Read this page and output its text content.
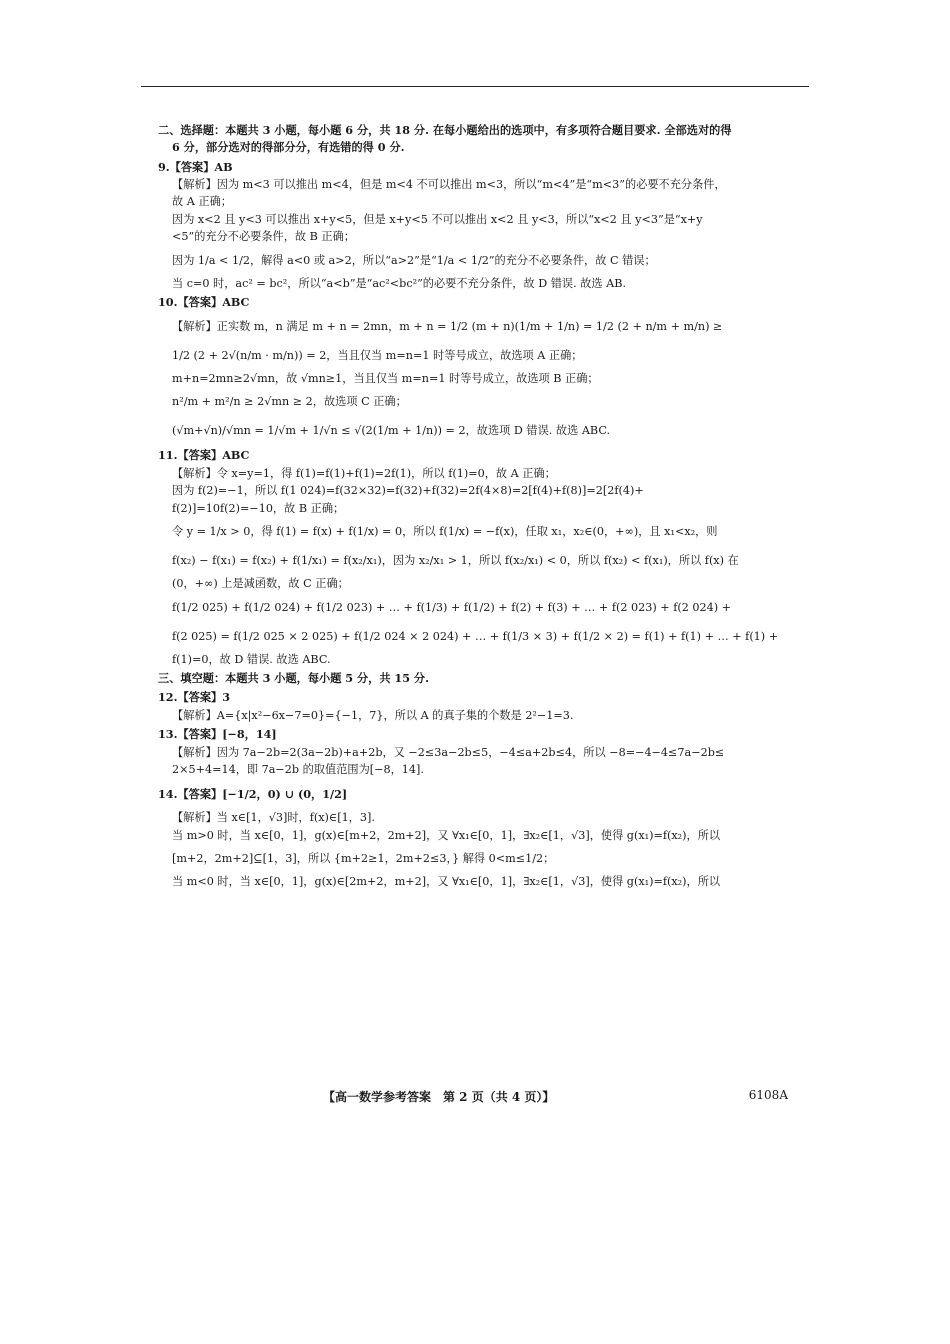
二、选择题：本题共 3 小题，每小题 6 分，共 18 分. 在每小题给出的选项中，有多项符合题目要求. 全部选对的得
6 分，部分选对的得部分分，有选错的得 0 分.
9.【答案】AB
【解析】因为 m<3 可以推出 m<4，但是 m<4 不可以推出 m<3，所以“m<4”是“m<3”的必要不充分条件，
故 A 正确；
因为 x<2 且 y<3 可以推出 x+y<5，但是 x+y<5 不可以推出 x<2 且 y<3，所以“x<2 且 y<3”是“x+y
<5”的充分不必要条件，故 B 正确；
因为 1/a < 1/2，解得 a<0 或 a>2，所以“a>2”是“1/a < 1/2”的充分不必要条件，故 C 错误；
当 c=0 时，ac² = bc²，所以“a<b”是“ac²<bc²”的必要不充分条件，故 D 错误. 故选 AB.
10.【答案】ABC
【解析】正实数 m，n 满足 m + n = 2mn，m + n = 1/2 (m + n)(1/m + 1/n) = 1/2 (2 + n/m + m/n) ≥
1/2 (2 + 2√(n/m · m/n)) = 2，当且仅当 m=n=1 时等号成立，故选项 A 正确；
m+n=2mn≥2√mn，故 √mn≥1，当且仅当 m=n=1 时等号成立，故选项 B 正确；
n²/m + m²/n ≥ 2√mn ≥ 2，故选项 C 正确；
(√m+√n)/√mn = 1/√m + 1/√n ≤ √(2(1/m + 1/n)) = 2，故选项 D 错误. 故选 ABC.
11.【答案】ABC
【解析】令 x=y=1，得 f(1)=f(1)+f(1)=2f(1)，所以 f(1)=0，故 A 正确；
因为 f(2)=−1，所以 f(1 024)=f(32×32)=f(32)+f(32)=2f(4×8)=2[f(4)+f(8)]=2[2f(4)+
f(2)]=10f(2)=−10，故 B 正确；
令 y = 1/x > 0，得 f(1) = f(x) + f(1/x) = 0，所以 f(1/x) = −f(x)，任取 x₁，x₂∈(0，+∞)，且 x₁<x₂，则
f(x₂) − f(x₁) = f(x₂) + f(1/x₁) = f(x₂/x₁)，因为 x₂/x₁ > 1，所以 f(x₂/x₁) < 0，所以 f(x₂) < f(x₁)，所以 f(x) 在
(0，+∞) 上是减函数，故 C 正确；
f(1/2 025) + f(1/2 024) + f(1/2 023) + … + f(1/3) + f(1/2) + f(2) + f(3) + … + f(2 023) + f(2 024) +
f(2 025) = f(1/2 025 × 2 025) + f(1/2 024 × 2 024) + … + f(1/3 × 3) + f(1/2 × 2) = f(1) + f(1) + … + f(1) +
f(1)=0，故 D 错误. 故选 ABC.
三、填空题：本题共 3 小题，每小题 5 分，共 15 分.
12.【答案】3
【解析】A={x|x²−6x−7=0}={−1，7}，所以 A 的真子集的个数是 2²−1=3.
13.【答案】[−8，14]
【解析】因为 7a−2b=2(3a−2b)+a+2b，又 −2≤3a−2b≤5，−4≤a+2b≤4，所以 −8=−4−4≤7a−2b≤
2×5+4=14，即 7a−2b 的取值范围为[−8，14].
14.【答案】[−1/2，0) ∪ (0，1/2]
【解析】当 x∈[1，√3]时，f(x)∈[1，3].
当 m>0 时，当 x∈[0，1]，g(x)∈[m+2，2m+2]，又 ∀x₁∈[0，1]，∃x₂∈[1，√3]，使得 g(x₁)=f(x₂)，所以
[m+2，2m+2]⊆[1，3]，所以 {m+2≥1，2m+2≤3，} 解得 0<m≤1/2；
当 m<0 时，当 x∈[0，1]，g(x)∈[2m+2，m+2]，又 ∀x₁∈[0，1]，∃x₂∈[1，√3]，使得 g(x₁)=f(x₂)，所以
【高一数学参考答案　第 2 页（共 4 页）】	6108A
